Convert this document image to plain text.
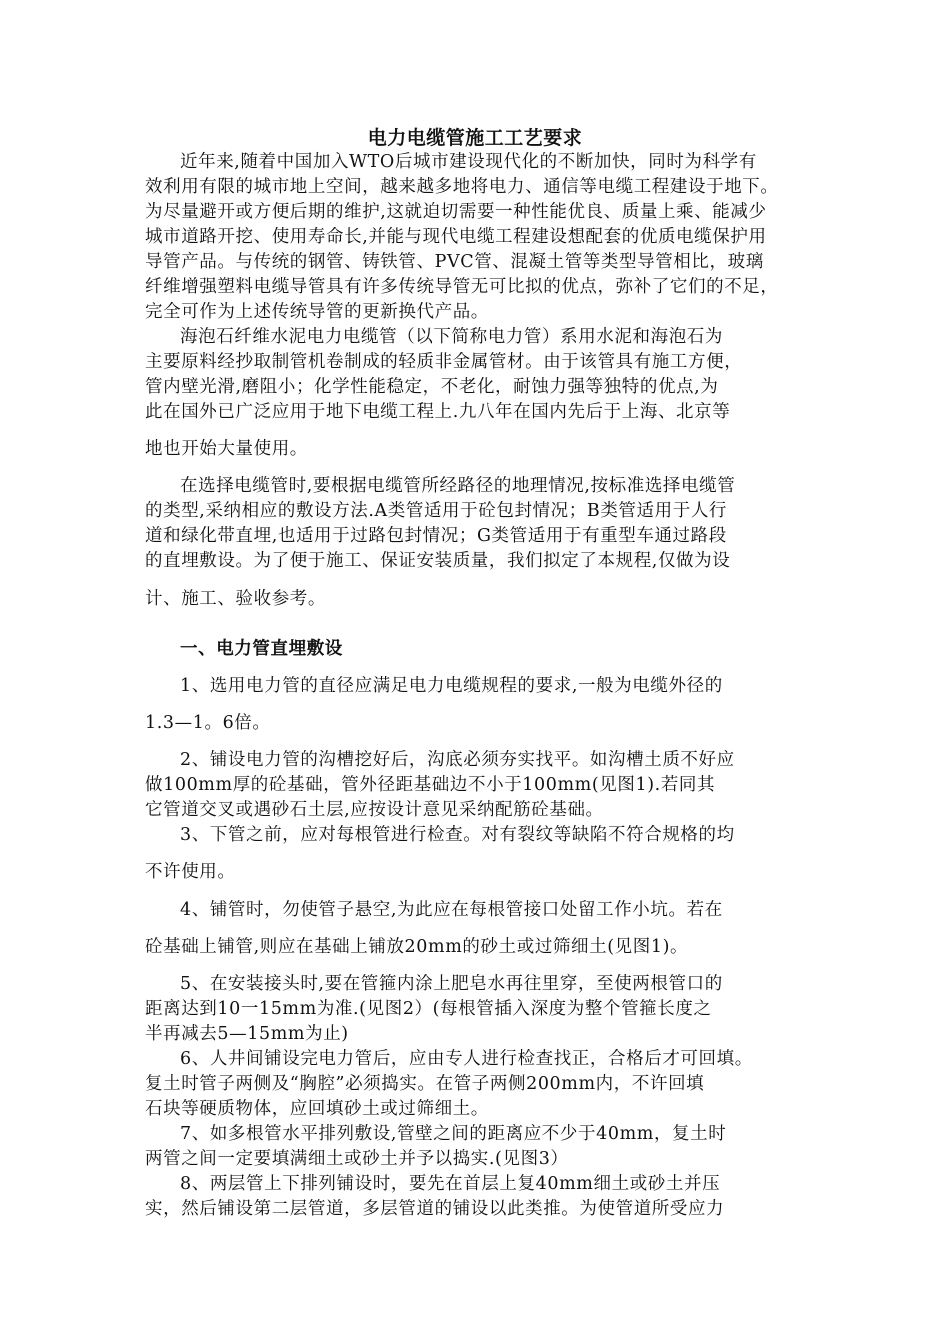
电力电缆管施工工艺要求
近年来,随着中国加入WTO后城市建设现代化的不断加快，同时为科学有
效利用有限的城市地上空间，越来越多地将电力、通信等电缆工程建设于地下。
为尽量避开或方便后期的维护,这就迫切需要一种性能优良、质量上乘、能减少
城市道路开挖、使用寿命长,并能与现代电缆工程建设想配套的优质电缆保护用
导管产品。与传统的钢管、铸铁管、PVC管、混凝土管等类型导管相比，玻璃
纤维增强塑料电缆导管具有许多传统导管无可比拟的优点，弥补了它们的不足，
完全可作为上述传统导管的更新换代产品。
海泡石纤维水泥电力电缆管（以下简称电力管）系用水泥和海泡石为
主要原料经抄取制管机卷制成的轻质非金属管材。由于该管具有施工方便，
管内壁光滑,磨阻小；化学性能稳定，不老化，耐蚀力强等独特的优点,为
此在国外已广泛应用于地下电缆工程上.九八年在国内先后于上海、北京等
地也开始大量使用。
在选择电缆管时,要根据电缆管所经路径的地理情况,按标准选择电缆管
的类型,采纳相应的敷设方法.A类管适用于砼包封情况；B类管适用于人行
道和绿化带直埋,也适用于过路包封情况；G类管适用于有重型车通过路段
的直埋敷设。为了便于施工、保证安装质量，我们拟定了本规程,仅做为设
计、施工、验收参考。
一、电力管直埋敷设
1、选用电力管的直径应满足电力电缆规程的要求,一般为电缆外径的
1.3—1。6倍。
2、铺设电力管的沟槽挖好后，沟底必须夯实找平。如沟槽土质不好应
做100mm厚的砼基础，管外径距基础边不小于100mm(见图1).若同其
它管道交叉或遇砂石土层,应按设计意见采纳配筋砼基础。
3、下管之前，应对每根管进行检查。对有裂纹等缺陷不符合规格的均
不许使用。
4、铺管时，勿使管子悬空,为此应在每根管接口处留工作小坑。若在
砼基础上铺管,则应在基础上铺放20mm的砂土或过筛细土(见图1)。
5、在安装接头时,要在管箍内涂上肥皂水再往里穿，至使两根管口的
距离达到10一15mm为准.(见图2）(每根管插入深度为整个管箍长度之
半再减去5—15mm为止)
6、人井间铺设完电力管后，应由专人进行检查找正，合格后才可回填。
复土时管子两侧及“胸腔”必须捣实。在管子两侧200mm内，不许回填
石块等硬质物体，应回填砂土或过筛细土。
7、如多根管水平排列敷设,管壁之间的距离应不少于40mm，复土时
两管之间一定要填满细土或砂土并予以捣实.(见图3）
8、两层管上下排列铺设时，要先在首层上复40mm细土或砂土并压
实，然后铺设第二层管道，多层管道的铺设以此类推。为使管道所受应力
